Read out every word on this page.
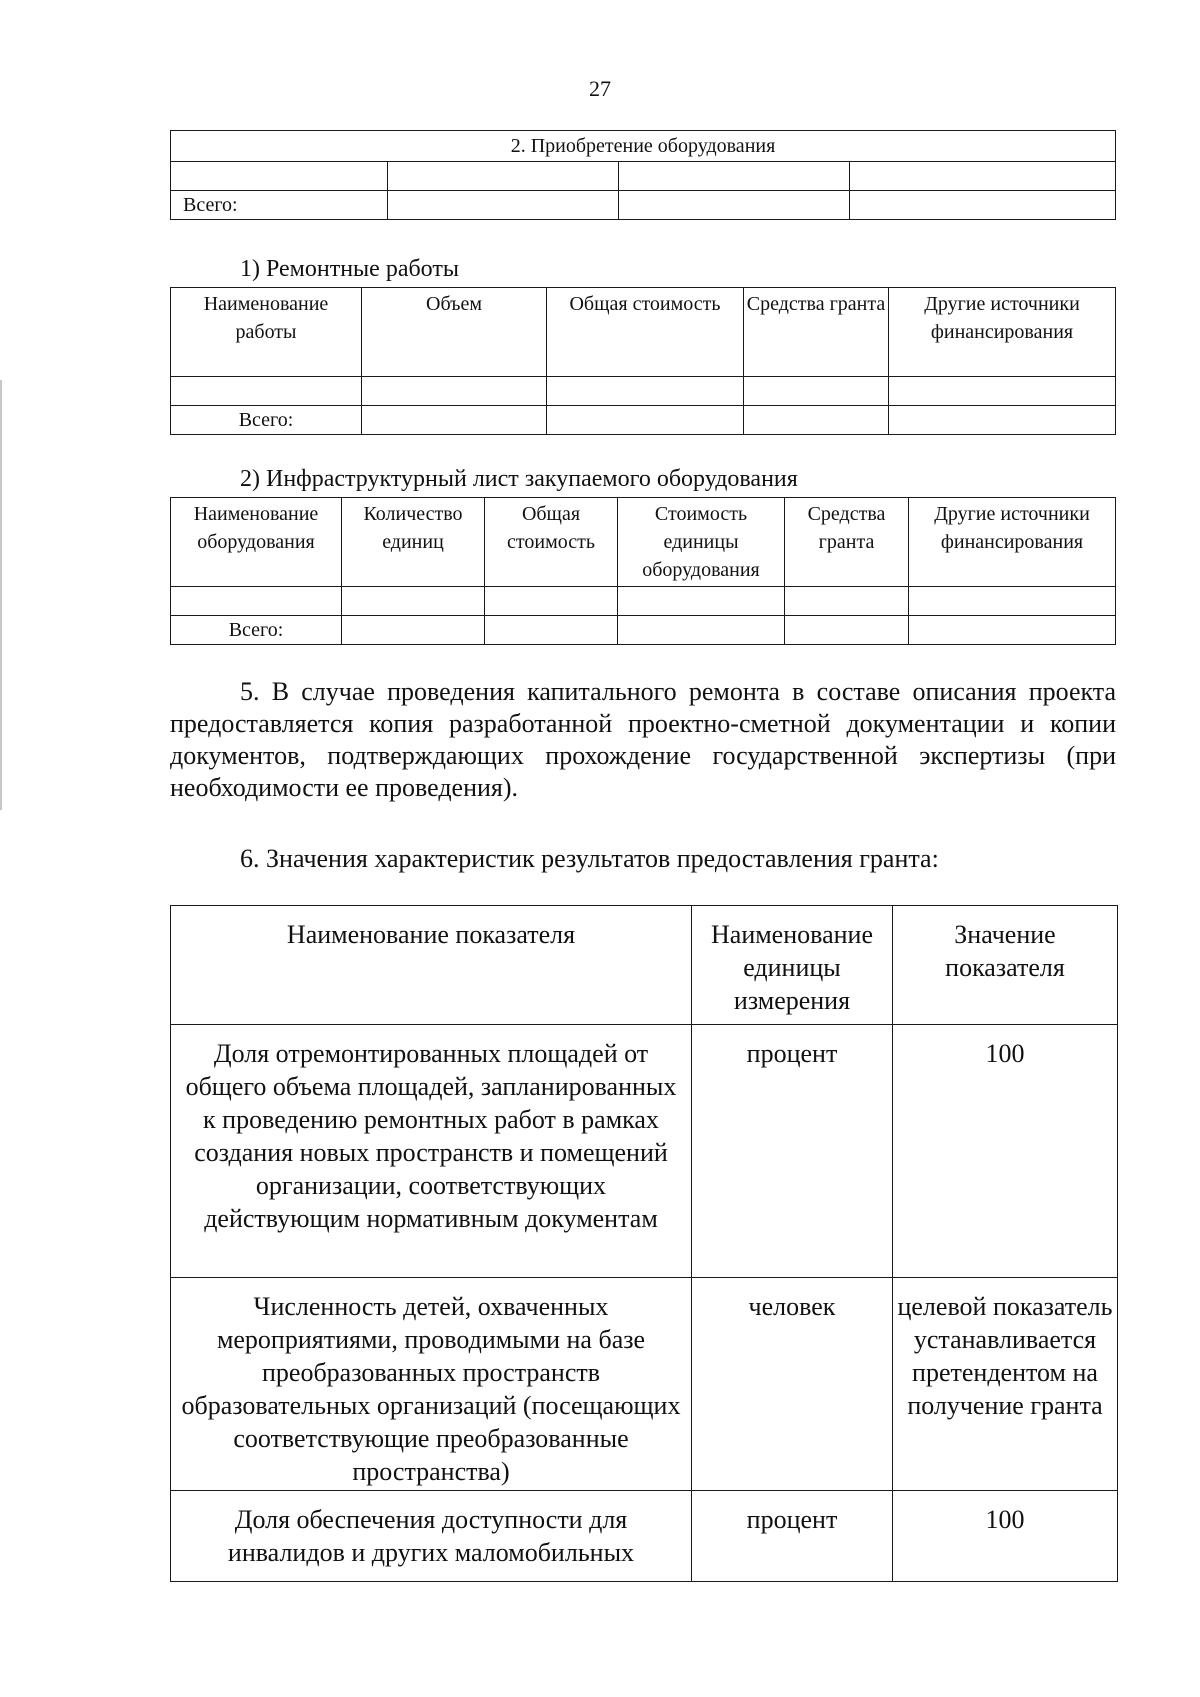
27
2. Приобретение оборудования			

Всего:			
1) Ремонтные работы
Наименование работы	Объем	Общая стоимость	Средства гранта	Другие источники финансирования

Всего:				
2) Инфраструктурный лист закупаемого оборудования
Наименование оборудования	Количество единиц	Общая стоимость	Стоимость единицы оборудования	Средства гранта	Другие источники финансирования

Всего:					

5. В случае проведения капитального ремонта в составе описания проекта предоставляется копия разработанной проектно-сметной документации и копии документов, подтверждающих прохождение государственной экспертизы (при необходимости ее проведения).

6. Значения характеристик результатов предоставления гранта:

Наименование показателя	Наименование единицы измерения	Значение показателя
Доля отремонтированных площадей от общего объема площадей, запланированных к проведению ремонтных работ в рамках создания новых пространств и помещений организации, соответствующих действующим нормативным документам	процент	100
Численность детей, охваченных мероприятиями, проводимыми на базе преобразованных пространств образовательных организаций (посещающих соответствующие преобразованные пространства)	человек	целевой показатель устанавливается претендентом на получение гранта
Доля обеспечения доступности для инвалидов и других маломобильных	процент	100
